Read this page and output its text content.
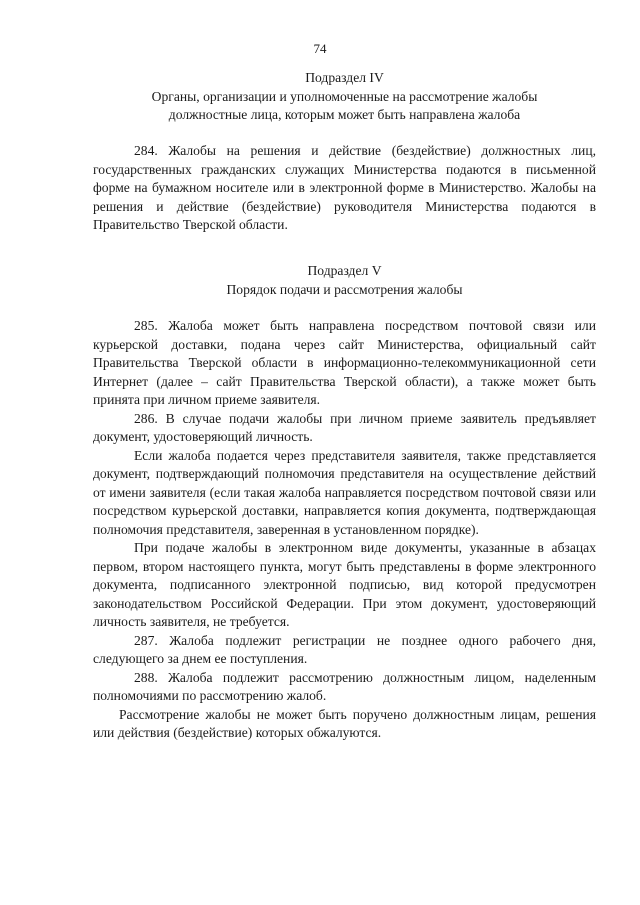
74
Подраздел IV
Органы, организации и уполномоченные на рассмотрение жалобы
должностные лица, которым может быть направлена жалоба

284. Жалобы на решения и действие (бездействие) должностных лиц, государственных гражданских служащих Министерства подаются в письменной форме на бумажном носителе или в электронной форме в Министерство. Жалобы на решения и действие (бездействие) руководителя Министерства подаются в Правительство Тверской области.

Подраздел V
Порядок подачи и рассмотрения жалобы

285. Жалоба может быть направлена посредством почтовой связи или курьерской доставки, подана через сайт Министерства, официальный сайт Правительства Тверской области в информационно-телекоммуникационной сети Интернет (далее – сайт Правительства Тверской области), а также может быть принята при личном приеме заявителя.

286. В случае подачи жалобы при личном приеме заявитель предъявляет документ, удостоверяющий личность.

Если жалоба подается через представителя заявителя, также представляется документ, подтверждающий полномочия представителя на осуществление действий от имени заявителя (если такая жалоба направляется посредством почтовой связи или посредством курьерской доставки, направляется копия документа, подтверждающая полномочия представителя, заверенная в установленном порядке).

При подаче жалобы в электронном виде документы, указанные в абзацах первом, втором настоящего пункта, могут быть представлены в форме электронного документа, подписанного электронной подписью, вид которой предусмотрен законодательством Российской Федерации. При этом документ, удостоверяющий личность заявителя, не требуется.

287. Жалоба подлежит регистрации не позднее одного рабочего дня, следующего за днем ее поступления.

288. Жалоба подлежит рассмотрению должностным лицом, наделенным полномочиями по рассмотрению жалоб.

Рассмотрение жалобы не может быть поручено должностным лицам, решения или действия (бездействие) которых обжалуются.
